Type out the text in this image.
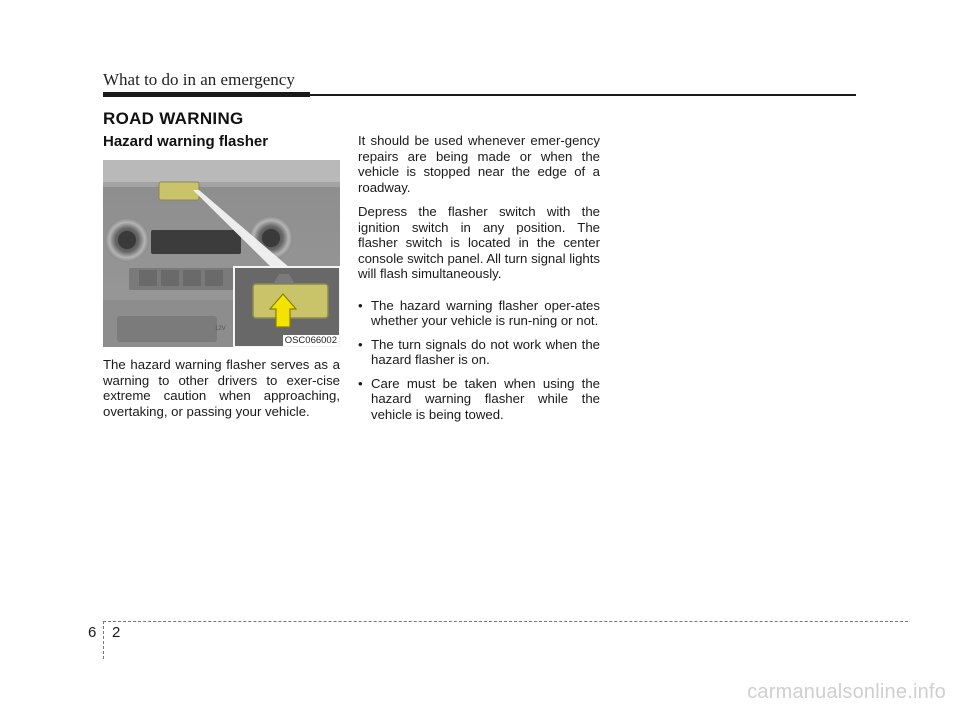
What to do in an emergency
ROAD WARNING
Hazard warning flasher
12V
OSC066002

The hazard warning flasher serves as a warning to other drivers to exer-cise extreme caution when approaching, overtaking, or passing your vehicle.

It should be used whenever emer-gency repairs are being made or when the vehicle is stopped near the edge of a roadway.

Depress the flasher switch with the ignition switch in any position. The flasher switch is located in the center console switch panel. All turn signal lights will flash simultaneously.

• The hazard warning flasher oper-ates whether your vehicle is run-ning or not.
• The turn signals do not work when the hazard flasher is on.
• Care must be taken when using the hazard warning flasher while the vehicle is being towed.
6 2
carmanualsonline.info
